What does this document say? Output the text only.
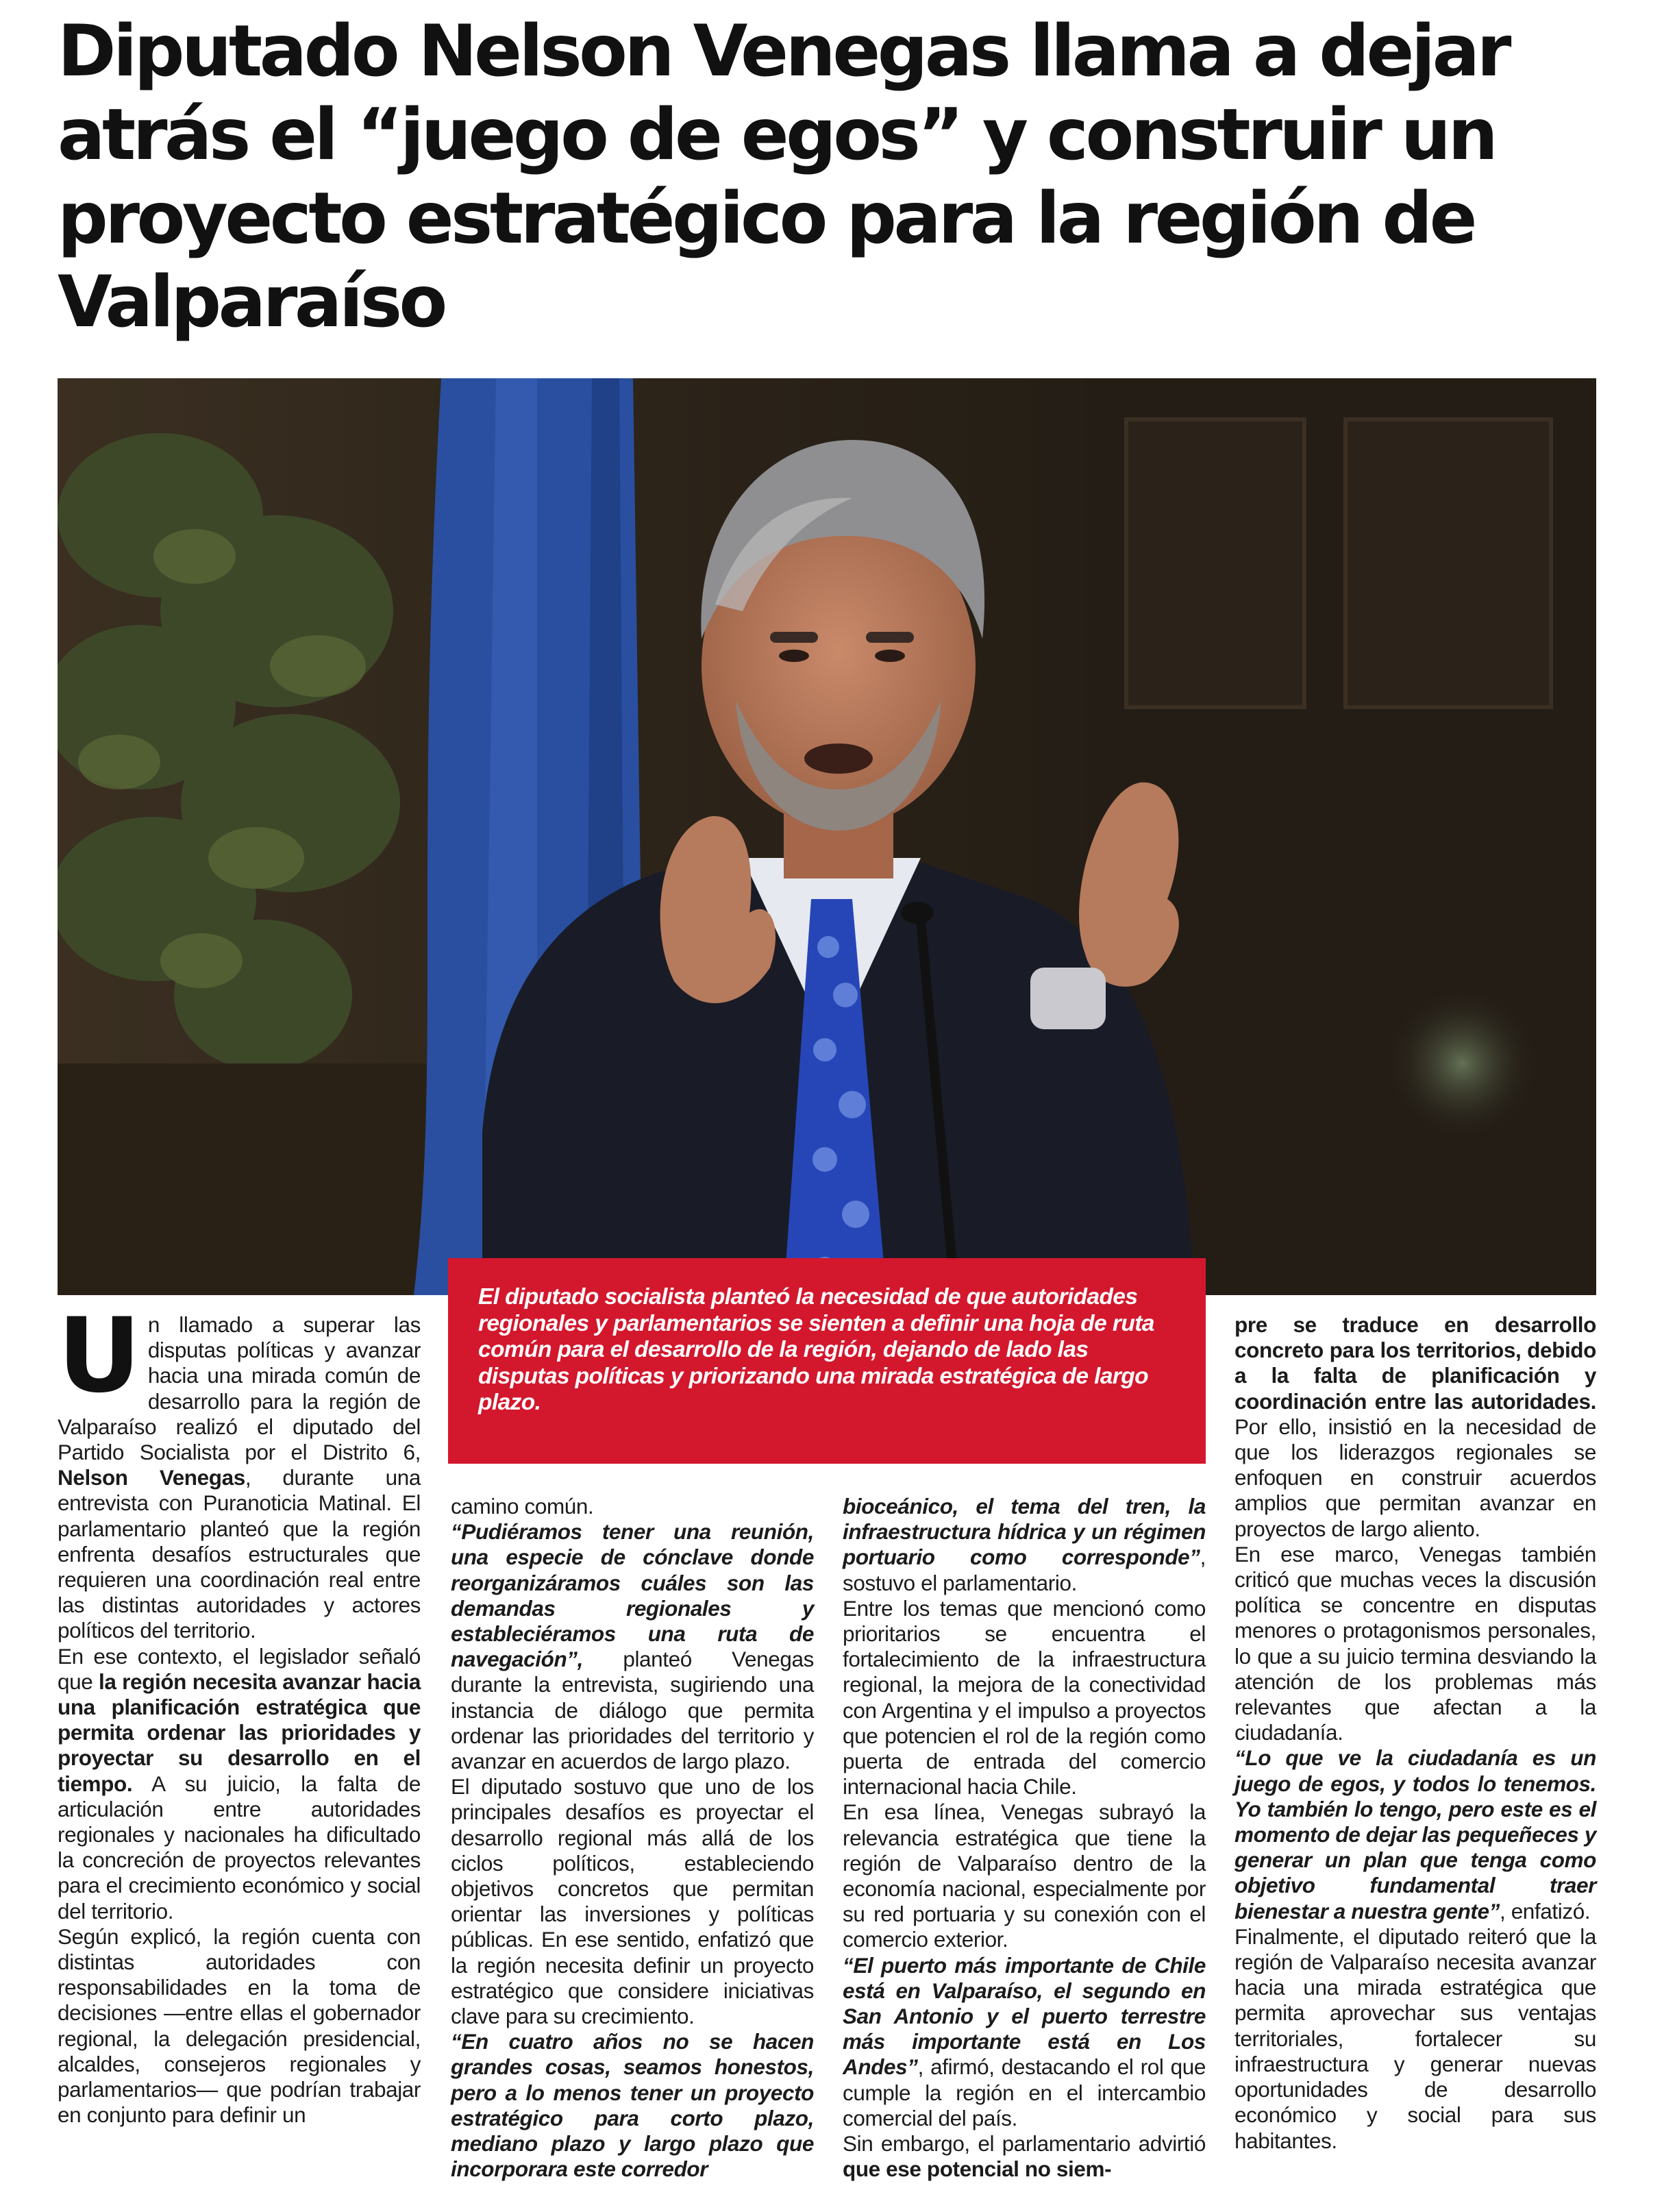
Diputado Nelson Venegas llama a dejar atrás el “juego de egos” y construir un proyecto estratégico para la región de Valparaíso

El diputado socialista planteó la necesidad de que autoridades regionales y parlamentarios se sienten a definir una hoja de ruta común para el desarrollo de la región, dejando de lado las disputas políticas y priorizando una mirada estratégica de largo plazo.

Un llamado a superar las disputas políticas y avanzar hacia una mirada común de desarrollo para la región de Valparaíso realizó el diputado del Partido Socialista por el Distrito 6, Nelson Venegas, durante una entrevista con Puranoticia Matinal. El parlamentario planteó que la región enfrenta desafíos estructurales que requieren una coordinación real entre las distintas autoridades y actores políticos del territorio.

En ese contexto, el legislador señaló que la región necesita avanzar hacia una planificación estratégica que permita ordenar las prioridades y proyectar su desarrollo en el tiempo. A su juicio, la falta de articulación entre autoridades regionales y nacionales ha dificultado la concreción de proyectos relevantes para el crecimiento económico y social del territorio.

Según explicó, la región cuenta con distintas autoridades con responsabilidades en la toma de decisiones —entre ellas el gobernador regional, la delegación presidencial, alcaldes, consejeros regionales y parlamentarios— que podrían trabajar en conjunto para definir un

camino común.

“Pudiéramos tener una reunión, una especie de cónclave donde reorganizáramos cuáles son las demandas regionales y estableciéramos una ruta de navegación”, planteó Venegas durante la entrevista, sugiriendo una instancia de diálogo que permita ordenar las prioridades del territorio y avanzar en acuerdos de largo plazo.

El diputado sostuvo que uno de los principales desafíos es proyectar el desarrollo regional más allá de los ciclos políticos, estableciendo objetivos concretos que permitan orientar las inversiones y políticas públicas. En ese sentido, enfatizó que la región necesita definir un proyecto estratégico que considere iniciativas clave para su crecimiento.

“En cuatro años no se hacen grandes cosas, seamos honestos, pero a lo menos tener un proyecto estratégico para corto plazo, mediano plazo y largo plazo que incorporara este corredor

bioceánico, el tema del tren, la infraestructura hídrica y un régimen portuario como corresponde”, sostuvo el parlamentario.

Entre los temas que mencionó como prioritarios se encuentra el fortalecimiento de la infraestructura regional, la mejora de la conectividad con Argentina y el impulso a proyectos que potencien el rol de la región como puerta de entrada del comercio internacional hacia Chile.

En esa línea, Venegas subrayó la relevancia estratégica que tiene la región de Valparaíso dentro de la economía nacional, especialmente por su red portuaria y su conexión con el comercio exterior.

“El puerto más importante de Chile está en Valparaíso, el segundo en San Antonio y el puerto terrestre más importante está en Los Andes”, afirmó, destacando el rol que cumple la región en el intercambio comercial del país.

Sin embargo, el parlamentario advirtió que ese potencial no siem-

pre se traduce en desarrollo concreto para los territorios, debido a la falta de planificación y coordinación entre las autoridades. Por ello, insistió en la necesidad de que los liderazgos regionales se enfoquen en construir acuerdos amplios que permitan avanzar en proyectos de largo aliento.

En ese marco, Venegas también criticó que muchas veces la discusión política se concentre en disputas menores o protagonismos personales, lo que a su juicio termina desviando la atención de los problemas más relevantes que afectan a la ciudadanía.

“Lo que ve la ciudadanía es un juego de egos, y todos lo tenemos. Yo también lo tengo, pero este es el momento de dejar las pequeñeces y generar un plan que tenga como objetivo fundamental traer bienestar a nuestra gente”, enfatizó.

Finalmente, el diputado reiteró que la región de Valparaíso necesita avanzar hacia una mirada estratégica que permita aprovechar sus ventajas territoriales, fortalecer su infraestructura y generar nuevas oportunidades de desarrollo económico y social para sus habitantes.
